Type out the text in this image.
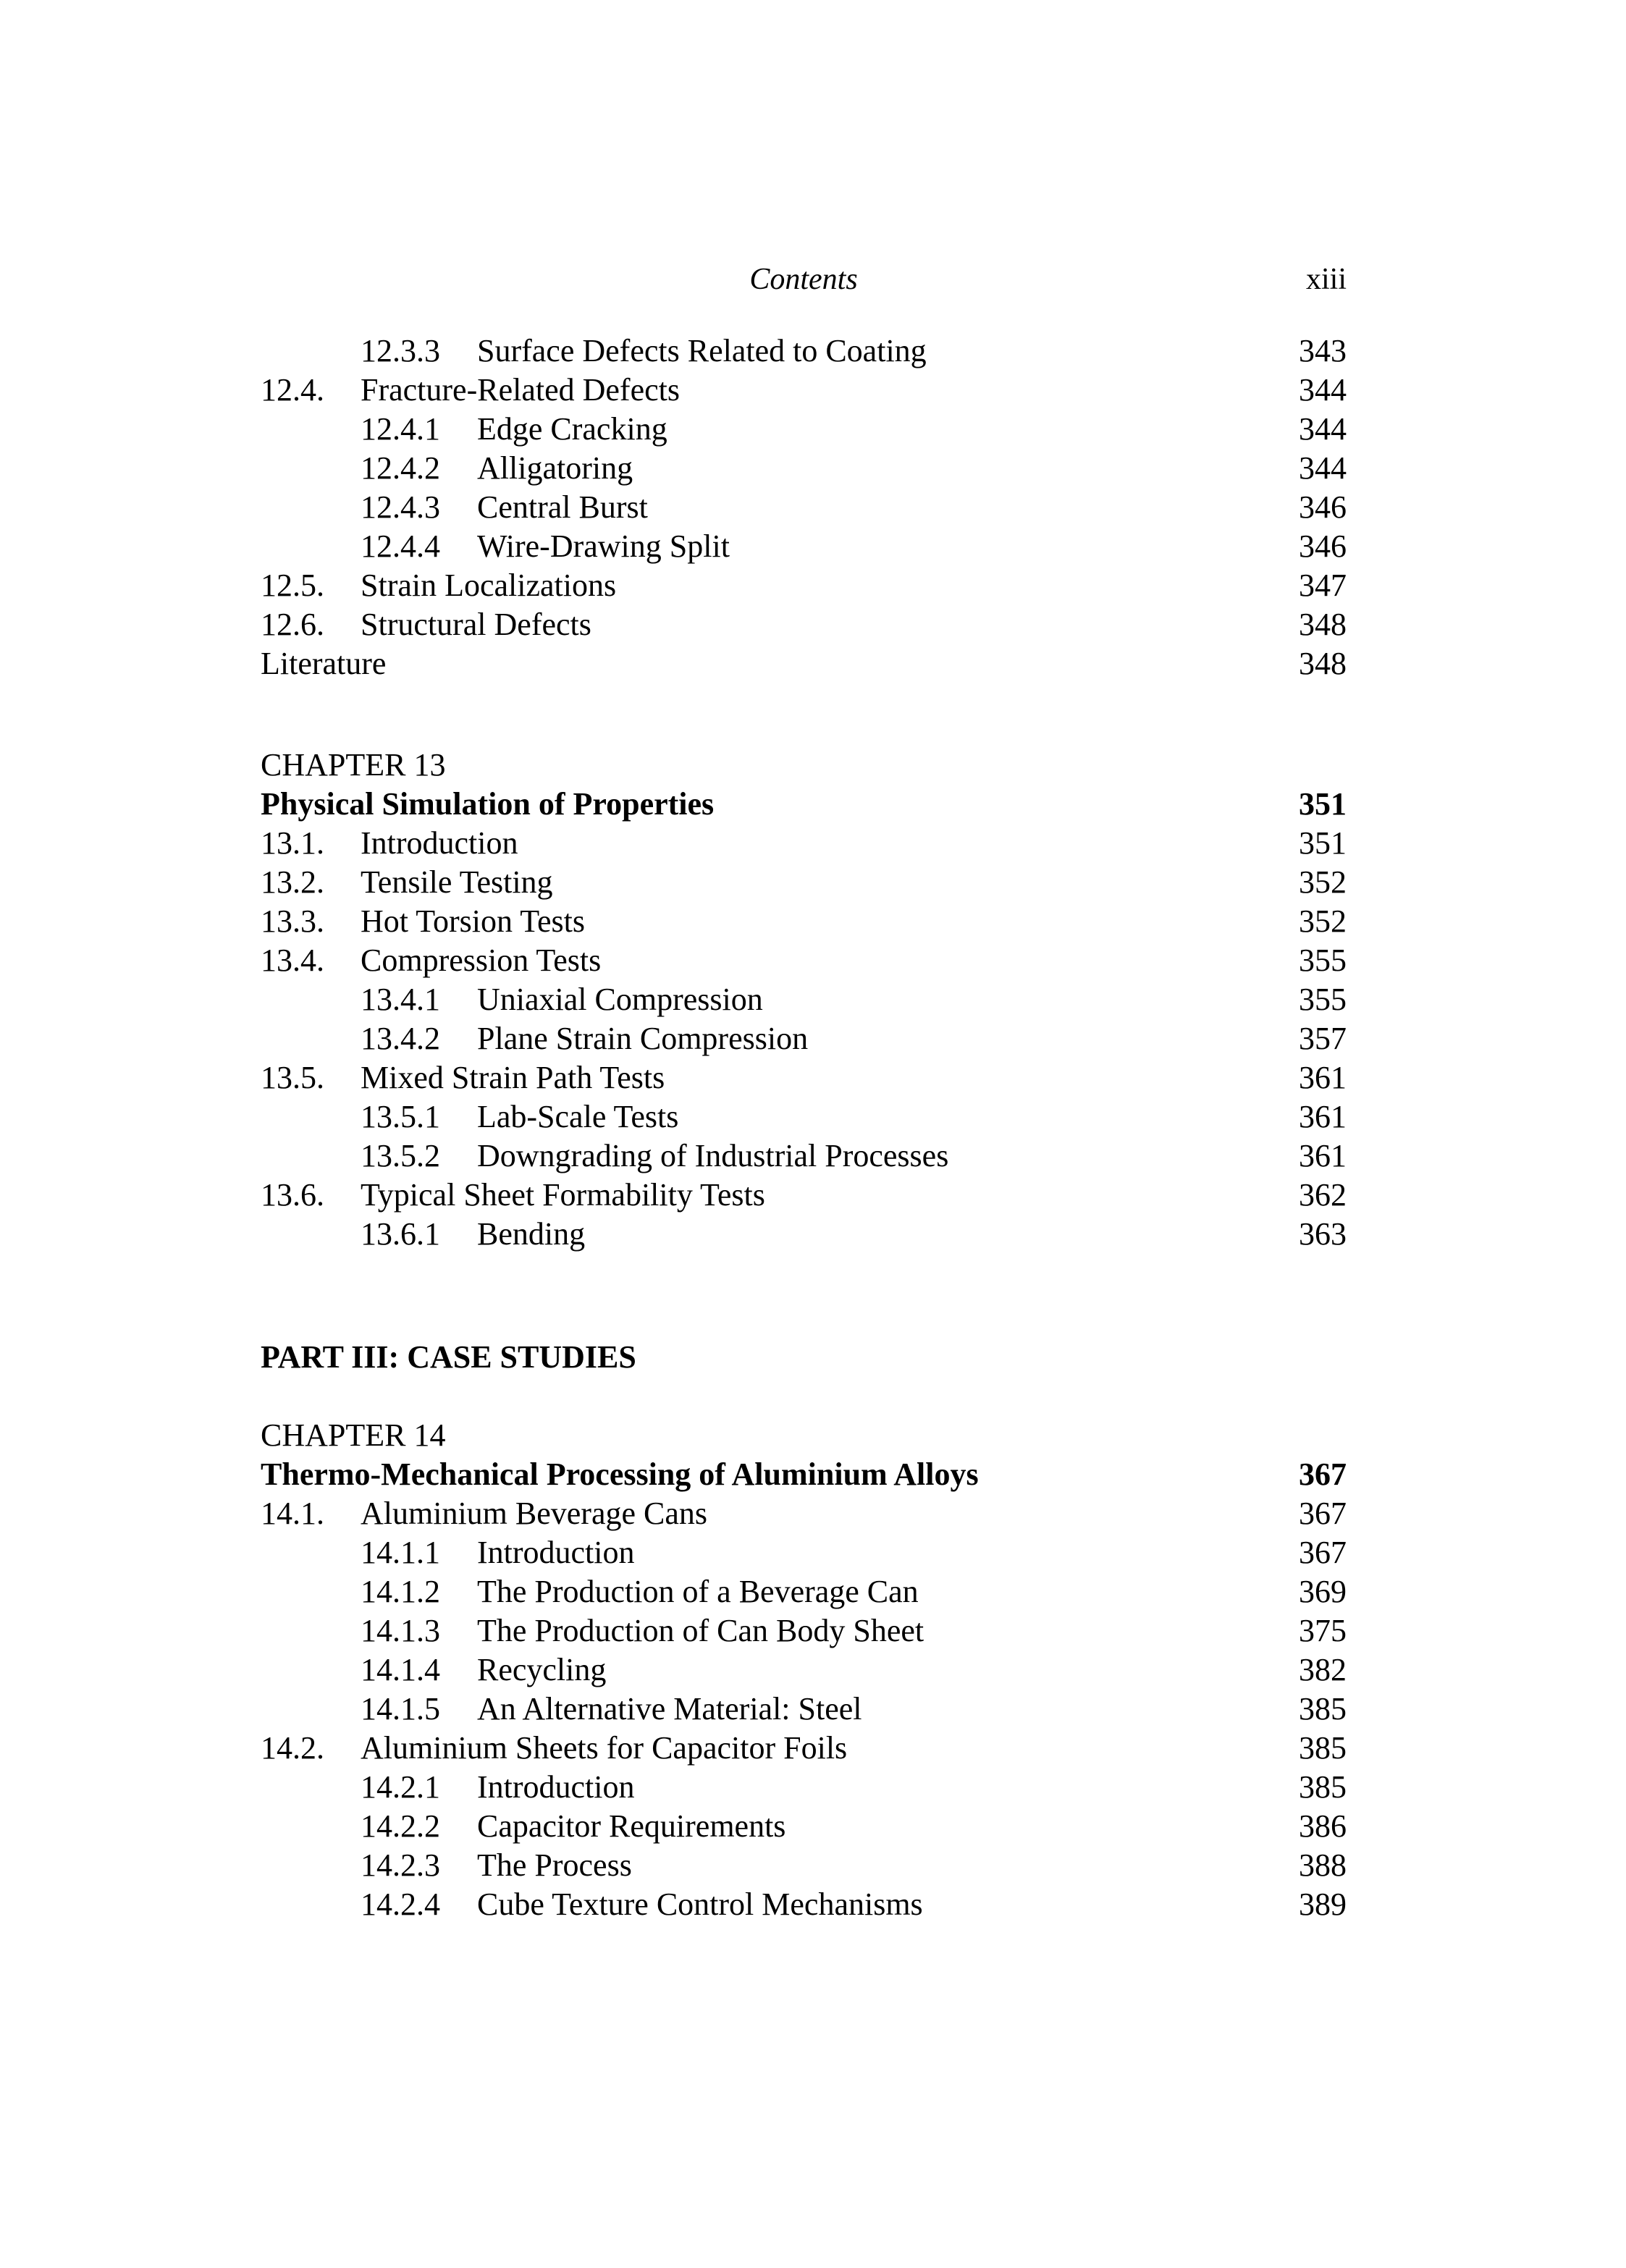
Contents	xiii
12.3.3 Surface Defects Related to Coating	343
12.4. Fracture-Related Defects	344
12.4.1 Edge Cracking	344
12.4.2 Alligatoring	344
12.4.3 Central Burst	346
12.4.4 Wire-Drawing Split	346
12.5. Strain Localizations	347
12.6. Structural Defects	348
Literature	348
CHAPTER 13
Physical Simulation of Properties	351
13.1. Introduction	351
13.2. Tensile Testing	352
13.3. Hot Torsion Tests	352
13.4. Compression Tests	355
13.4.1 Uniaxial Compression	355
13.4.2 Plane Strain Compression	357
13.5. Mixed Strain Path Tests	361
13.5.1 Lab-Scale Tests	361
13.5.2 Downgrading of Industrial Processes	361
13.6. Typical Sheet Formability Tests	362
13.6.1 Bending	363
PART III: CASE STUDIES
CHAPTER 14
Thermo-Mechanical Processing of Aluminium Alloys	367
14.1. Aluminium Beverage Cans	367
14.1.1 Introduction	367
14.1.2 The Production of a Beverage Can	369
14.1.3 The Production of Can Body Sheet	375
14.1.4 Recycling	382
14.1.5 An Alternative Material: Steel	385
14.2. Aluminium Sheets for Capacitor Foils	385
14.2.1 Introduction	385
14.2.2 Capacitor Requirements	386
14.2.3 The Process	388
14.2.4 Cube Texture Control Mechanisms	389
